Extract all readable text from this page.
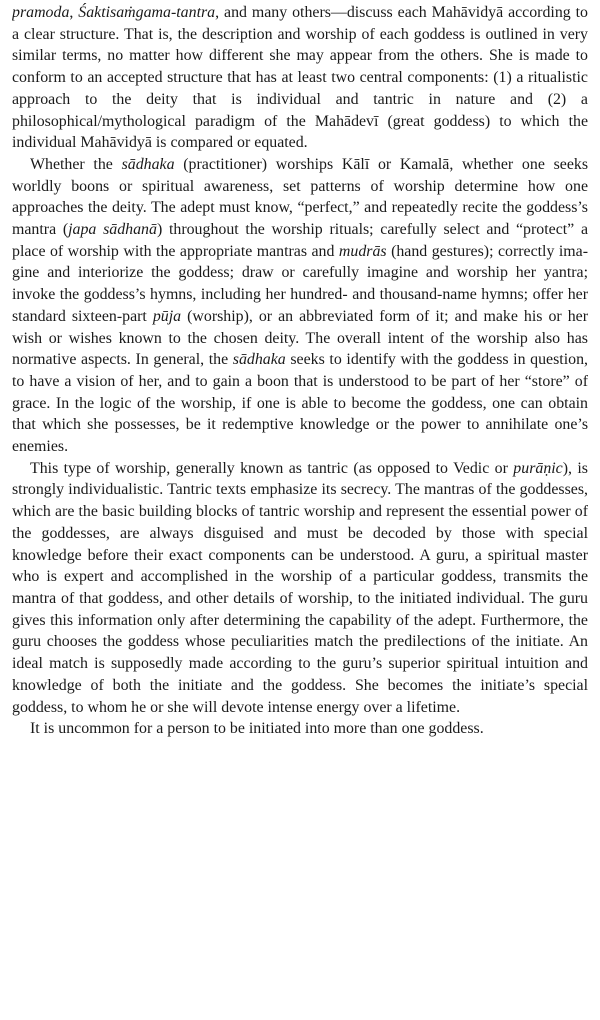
pramoda, Śaktisaṁgama-tantra, and many others—discuss each Mahāvidyā according to a clear structure. That is, the description and worship of each goddess is outlined in very similar terms, no matter how different she may appear from the others. She is made to conform to an accepted structure that has at least two central components: (1) a ritualistic approach to the deity that is individual and tantric in nature and (2) a philosophical/mythological paradigm of the Mahādevī (great goddess) to which the individual Mahāvidyā is compared or equated.

Whether the sādhaka (practitioner) worships Kālī or Kamalā, whether one seeks worldly boons or spiritual awareness, set patterns of worship determine how one approaches the deity. The adept must know, “perfect,” and repeatedly recite the goddess’s mantra (japa sādhanā) throughout the worship rituals; carefully select and “protect” a place of worship with the appropriate mantras and mudrās (hand gestures); correctly imagine and interiorize the goddess; draw or carefully imagine and worship her yantra; invoke the goddess’s hymns, including her hundred- and thousand-name hymns; offer her standard sixteen-part pūja (worship), or an abbreviated form of it; and make his or her wish or wishes known to the chosen deity. The overall intent of the worship also has normative aspects. In general, the sādhaka seeks to identify with the goddess in question, to have a vision of her, and to gain a boon that is understood to be part of her “store” of grace. In the logic of the worship, if one is able to become the goddess, one can obtain that which she possesses, be it redemptive knowledge or the power to annihilate one’s enemies.

This type of worship, generally known as tantric (as opposed to Vedic or purāṇic), is strongly individualistic. Tantric texts emphasize its secrecy. The mantras of the goddesses, which are the basic building blocks of tantric worship and represent the essential power of the goddesses, are always disguised and must be decoded by those with special knowledge before their exact components can be understood. A guru, a spiritual master who is expert and accomplished in the worship of a particular goddess, transmits the mantra of that goddess, and other details of worship, to the initiated individual. The guru gives this information only after determining the capability of the adept. Furthermore, the guru chooses the goddess whose peculiarities match the predilections of the initiate. An ideal match is supposedly made according to the guru’s superior spiritual intuition and knowledge of both the initiate and the goddess. She becomes the initiate’s special goddess, to whom he or she will devote intense energy over a lifetime.

It is uncommon for a person to be initiated into more than one goddess.
